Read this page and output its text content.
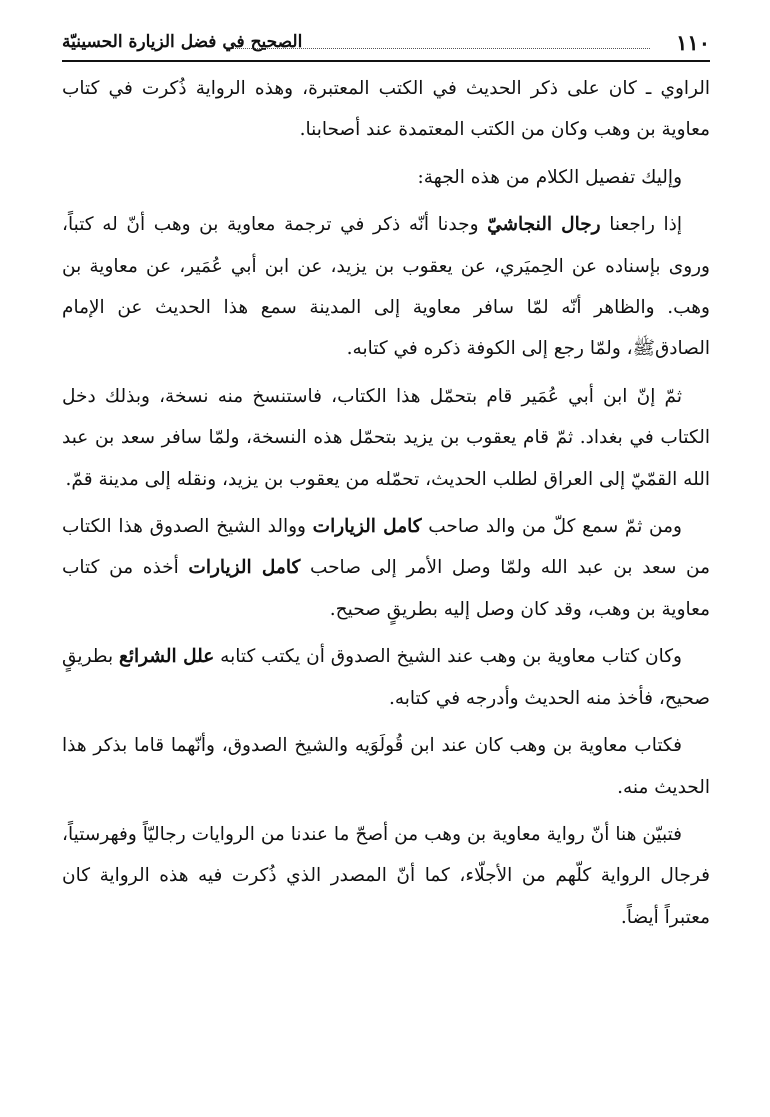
١١٠
الصحيح في فضل الزيارة الحسينيّة

الراوي ـ كان على ذكر الحديث في الكتب المعتبرة، وهذه الرواية ذُكرت في كتاب معاوية بن وهب وكان من الكتب المعتمدة عند أصحابنا.

وإليك تفصيل الكلام من هذه الجهة:

إذا راجعنا رجال النجاشيّ وجدنا أنّه ذكر في ترجمة معاوية بن وهب أنّ له كتباً، وروى بإسناده عن الحِميَري، عن يعقوب بن يزيد، عن ابن أبي عُمَير، عن معاوية بن وهب. والظاهر أنّه لمّا سافر معاوية إلى المدينة سمع هذا الحديث عن الإمام الصادقﷺ، ولمّا رجع إلى الكوفة ذكره في كتابه.

ثمّ إنّ ابن أبي عُمَير قام بتحمّل هذا الكتاب، فاستنسخ منه نسخة، وبذلك دخل الكتاب في بغداد. ثمّ قام يعقوب بن يزيد بتحمّل هذه النسخة، ولمّا سافر سعد بن عبد الله القمّيّ إلى العراق لطلب الحديث، تحمّله من يعقوب بن يزيد، ونقله إلى مدينة قمّ.

ومن ثمّ سمع كلّ من والد صاحب كامل الزيارات ووالد الشيخ الصدوق هذا الكتاب من سعد بن عبد الله ولمّا وصل الأمر إلى صاحب كامل الزيارات أخذه من كتاب معاوية بن وهب، وقد كان وصل إليه بطريقٍ صحيح.

وكان كتاب معاوية بن وهب عند الشيخ الصدوق أن يكتب كتابه علل الشرائع بطريقٍ صحيح، فأخذ منه الحديث وأدرجه في كتابه.

فكتاب معاوية بن وهب كان عند ابن قُولَوَيه والشيخ الصدوق، وأنّهما قاما بذكر هذا الحديث منه.

فتبيّن هنا أنّ رواية معاوية بن وهب من أصحّ ما عندنا من الروايات رجاليّاً وفهرستياً، فرجال الرواية كلّهم من الأجلّاء، كما أنّ المصدر الذي ذُكرت فيه هذه الرواية كان معتبراً أيضاً.
